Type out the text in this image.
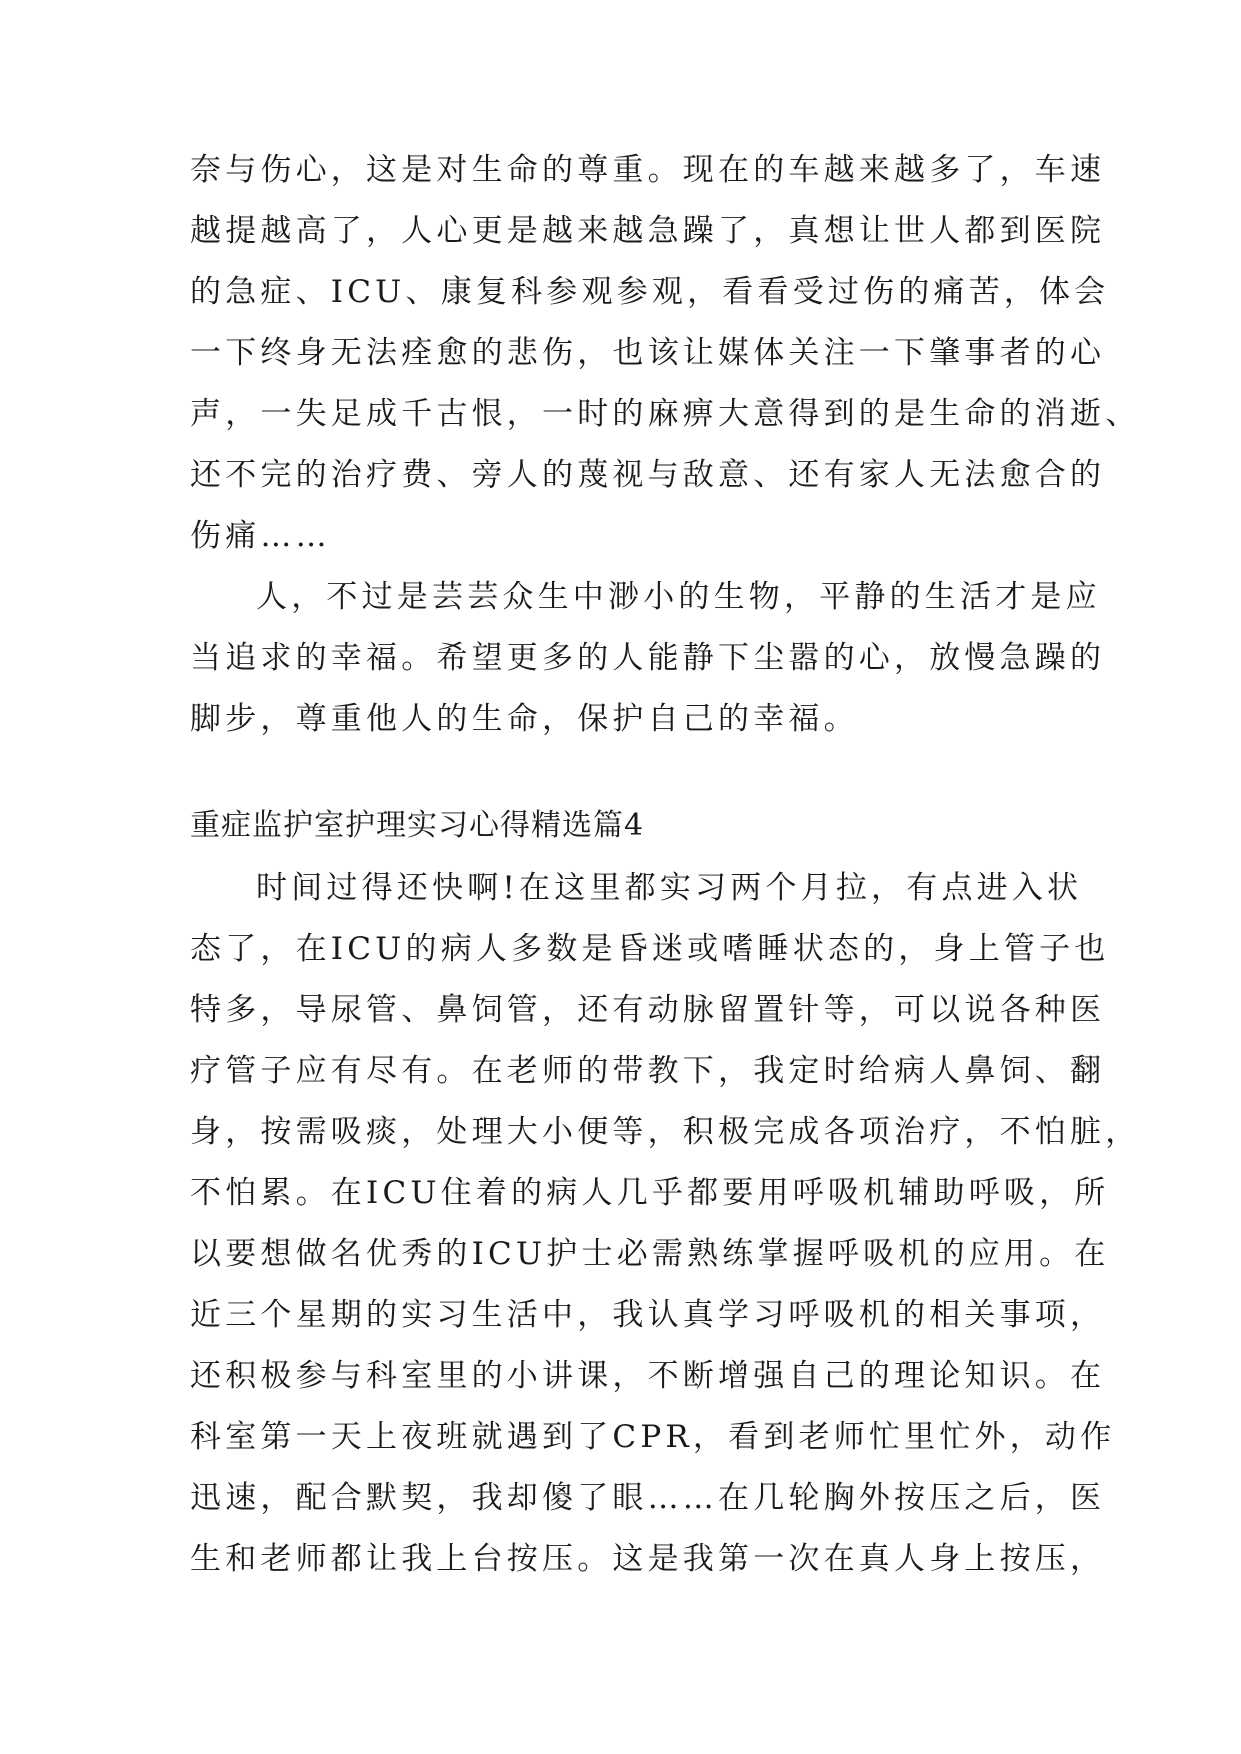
奈与伤心，这是对生命的尊重。现在的车越来越多了，车速
越提越高了，人心更是越来越急躁了，真想让世人都到医院
的急症、ICU、康复科参观参观，看看受过伤的痛苦，体会
一下终身无法痊愈的悲伤，也该让媒体关注一下肇事者的心
声，一失足成千古恨，一时的麻痹大意得到的是生命的消逝、
还不完的治疗费、旁人的蔑视与敌意、还有家人无法愈合的
伤痛……
人，不过是芸芸众生中渺小的生物，平静的生活才是应
当追求的幸福。希望更多的人能静下尘嚣的心，放慢急躁的
脚步，尊重他人的生命，保护自己的幸福。
重症监护室护理实习心得精选篇4
时间过得还快啊!在这里都实习两个月拉，有点进入状
态了，在ICU的病人多数是昏迷或嗜睡状态的，身上管子也
特多，导尿管、鼻饲管，还有动脉留置针等，可以说各种医
疗管子应有尽有。在老师的带教下，我定时给病人鼻饲、翻
身，按需吸痰，处理大小便等，积极完成各项治疗，不怕脏，
不怕累。在ICU住着的病人几乎都要用呼吸机辅助呼吸，所
以要想做名优秀的ICU护士必需熟练掌握呼吸机的应用。在
近三个星期的实习生活中，我认真学习呼吸机的相关事项，
还积极参与科室里的小讲课，不断增强自己的理论知识。在
科室第一天上夜班就遇到了CPR，看到老师忙里忙外，动作
迅速，配合默契，我却傻了眼……在几轮胸外按压之后，医
生和老师都让我上台按压。这是我第一次在真人身上按压，
